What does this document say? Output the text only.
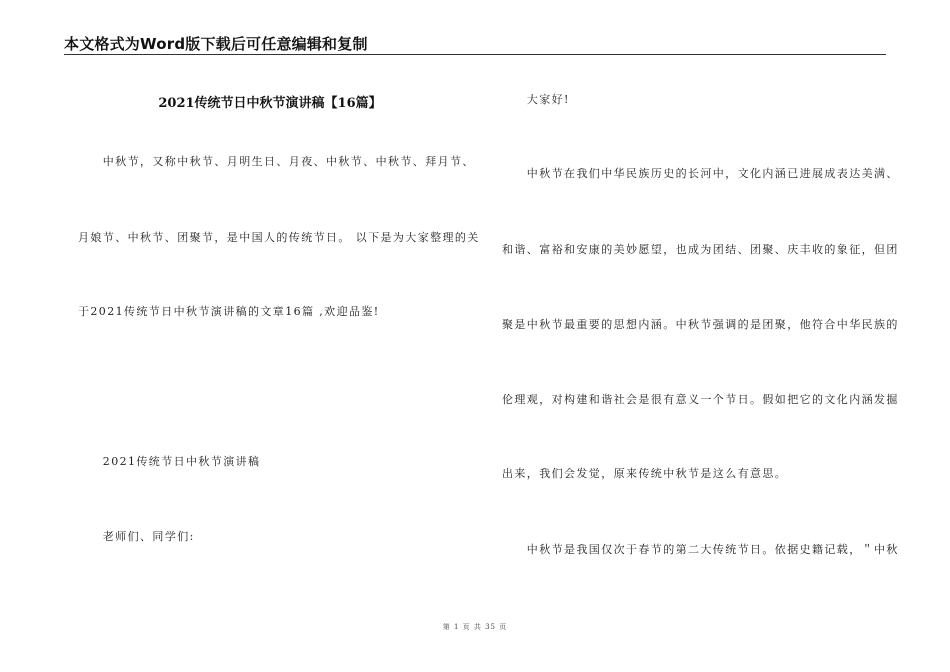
本文格式为Word版下载后可任意编辑和复制
2021传统节日中秋节演讲稿【16篇】
　　中秋节，又称中秋节、月明生日、月夜、中秋节、中秋节、拜月节、
月娘节、中秋节、团聚节，是中国人的传统节日。 以下是为大家整理的关
于2021传统节日中秋节演讲稿的文章16篇 ,欢迎品鉴!
　　2021传统节日中秋节演讲稿
　　老师们、同学们:
　　大家好!
　　中秋节在我们中华民族历史的长河中，文化内涵已进展成表达美满、
和谐、富裕和安康的美妙愿望，也成为团结、团聚、庆丰收的象征，但团
聚是中秋节最重要的思想内涵。中秋节强调的是团聚，他符合中华民族的
伦理观，对构建和谐社会是很有意义一个节日。假如把它的文化内涵发掘
出来，我们会发觉，原来传统中秋节是这么有意思。
　　中秋节是我国仅次于春节的第二大传统节日。依据史籍记载，＂中秋
第 1 页 共 35 页
